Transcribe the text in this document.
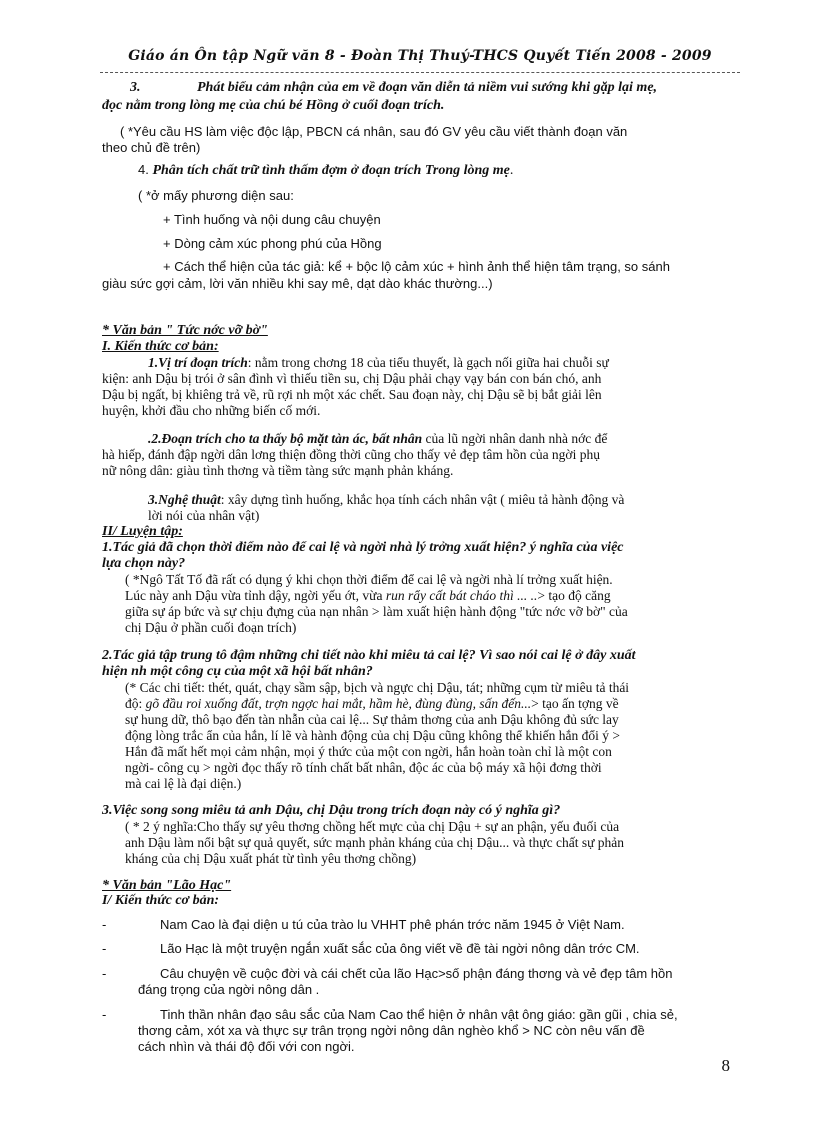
Giáo án Ôn tập Ngữ văn 8 - Đoàn Thị Thuý-THCS Quyết Tiến 2008 - 2009
3.	Phát biểu cảm nhận của em về đoạn văn diễn tả niềm vui sướng khi gặp lại mẹ,
đọc nằm trong lòng mẹ của chú bé Hồng ở cuối đoạn trích.
( *Yêu cầu HS làm việc độc lập, PBCN cá nhân, sau đó GV yêu cầu viết thành đoạn văn
theo chủ đề trên)
4. Phân tích chất trữ tình thấm đợm ở đoạn trích Trong lòng mẹ.
( *ở mấy phương diện sau:
+ Tình huống và nội dung câu chuyện
+ Dòng cảm xúc phong phú của Hồng
+ Cách thể hiện của tác giả: kể + bộc lộ cảm xúc + hình ảnh thể hiện tâm trạng, so sánh
giàu sức gợi cảm, lời văn nhiều khi say mê, dạt dào khác thường...)
* Văn bản " Tức nớc vỡ bờ"
I. Kiến thức cơ bản:
1.Vị trí đoạn trích: nằm trong chơng 18 của tiểu thuyết, là gạch nối giữa hai chuỗi sự
kiện: anh Dậu bị trói ở sân đình vì thiếu tiền su, chị Dậu phải chạy vạy bán con bán chó, anh
Dậu bị ngất, bị khiêng trả về, rũ rợi nh một xác chết. Sau đoạn này, chị Dậu sẽ bị bắt giải lên
huyện, khởi đầu cho những biến cố mới.
.2.Đoạn trích cho ta thấy bộ mặt tàn ác, bất nhân của lũ ngời nhân danh nhà nớc để
hà hiếp, đánh đập ngời dân lơng thiện đồng thời cũng cho thấy vẻ đẹp tâm hồn của ngời phụ
nữ nông dân: giàu tình thơng và tiềm tàng sức mạnh phản kháng.
3.Nghệ thuật: xây dựng tình huống, khắc họa tính cách nhân vật ( miêu tả hành động và
lời nói của nhân vật)
II/ Luyện tập:
1.Tác giả đã chọn thời điểm nào để cai lệ và ngời nhà lý trởng xuất hiện? ý nghĩa của việc
lựa chọn này?
( *Ngô Tất Tố đã rất có dụng ý khi chọn thời điểm để cai lệ và ngời nhà lí trởng xuất hiện.
Lúc này anh Dậu vừa tỉnh dậy, ngời yếu ớt, vừa run rẩy cất bát cháo thì ... ..> tạo độ căng
giữa sự áp bức và sự chịu đựng của nạn nhân > làm xuất hiện hành động "tức nớc vỡ bờ" của
chị Dậu ở phần cuối đoạn trích)
2.Tác giả tập trung tô đậm những chi tiết nào khi miêu tả cai lệ? Vì sao nói cai lệ ở đây xuất
hiện nh một công cụ của một xã hội bất nhân?
(* Các chi tiết: thét, quát, chạy sầm sập, bịch và ngực chị Dậu, tát; những cụm từ miêu tả thái
độ: gõ đầu roi xuống đất, trợn ngợc hai mắt, hầm hè, đùng đùng, sấn đến...> tạo ấn tợng về
sự hung dữ, thô bạo đến tàn nhẫn của cai lệ... Sự thảm thơng của anh Dậu không đủ sức lay
động lòng trắc ẩn của hắn, lí lẽ và hành động của chị Dậu cũng không thể khiến hắn đổi ý >
Hắn đã mất hết mọi cảm nhận, mọi ý thức của một con ngời, hắn hoàn toàn chỉ là một con
ngời- công cụ > ngời đọc thấy rõ tính chất bất nhân, độc ác của bộ máy xã hội đơng thời
mà cai lệ là đại diện.)
3.Việc song song miêu tả anh Dậu, chị Dậu trong trích đoạn này có ý nghĩa gì?
( * 2 ý nghĩa:Cho thấy sự yêu thơng chồng hết mực của chị Dậu + sự an phận, yếu đuối của
anh Dậu làm nổi bật sự quả quyết, sức mạnh phản kháng của chị Dậu... và thực chất sự phản
kháng của chị Dậu xuất phát từ tình yêu thơng chồng)
* Văn bản "Lão Hạc"
I/ Kiến thức cơ bản:
-	Nam Cao là đại diện u tú của trào lu VHHT phê phán trớc năm 1945 ở Việt Nam.
-	Lão Hạc là một truyện ngắn xuất sắc của ông viết về đề tài ngời nông dân trớc CM.
-	Câu chuyện về cuộc đời và cái chết của lão Hạc>số phận đáng thơng và vẻ đẹp tâm hồn
đáng trọng của ngời nông dân .
-	Tinh thần nhân đạo sâu sắc của Nam Cao thể hiện ở nhân vật ông giáo: gần gũi , chia sẻ,
thơng cảm, xót xa và thực sự trân trọng ngời nông dân nghèo khổ > NC còn nêu vấn đề
cách nhìn và thái độ đối với con ngời.
8
